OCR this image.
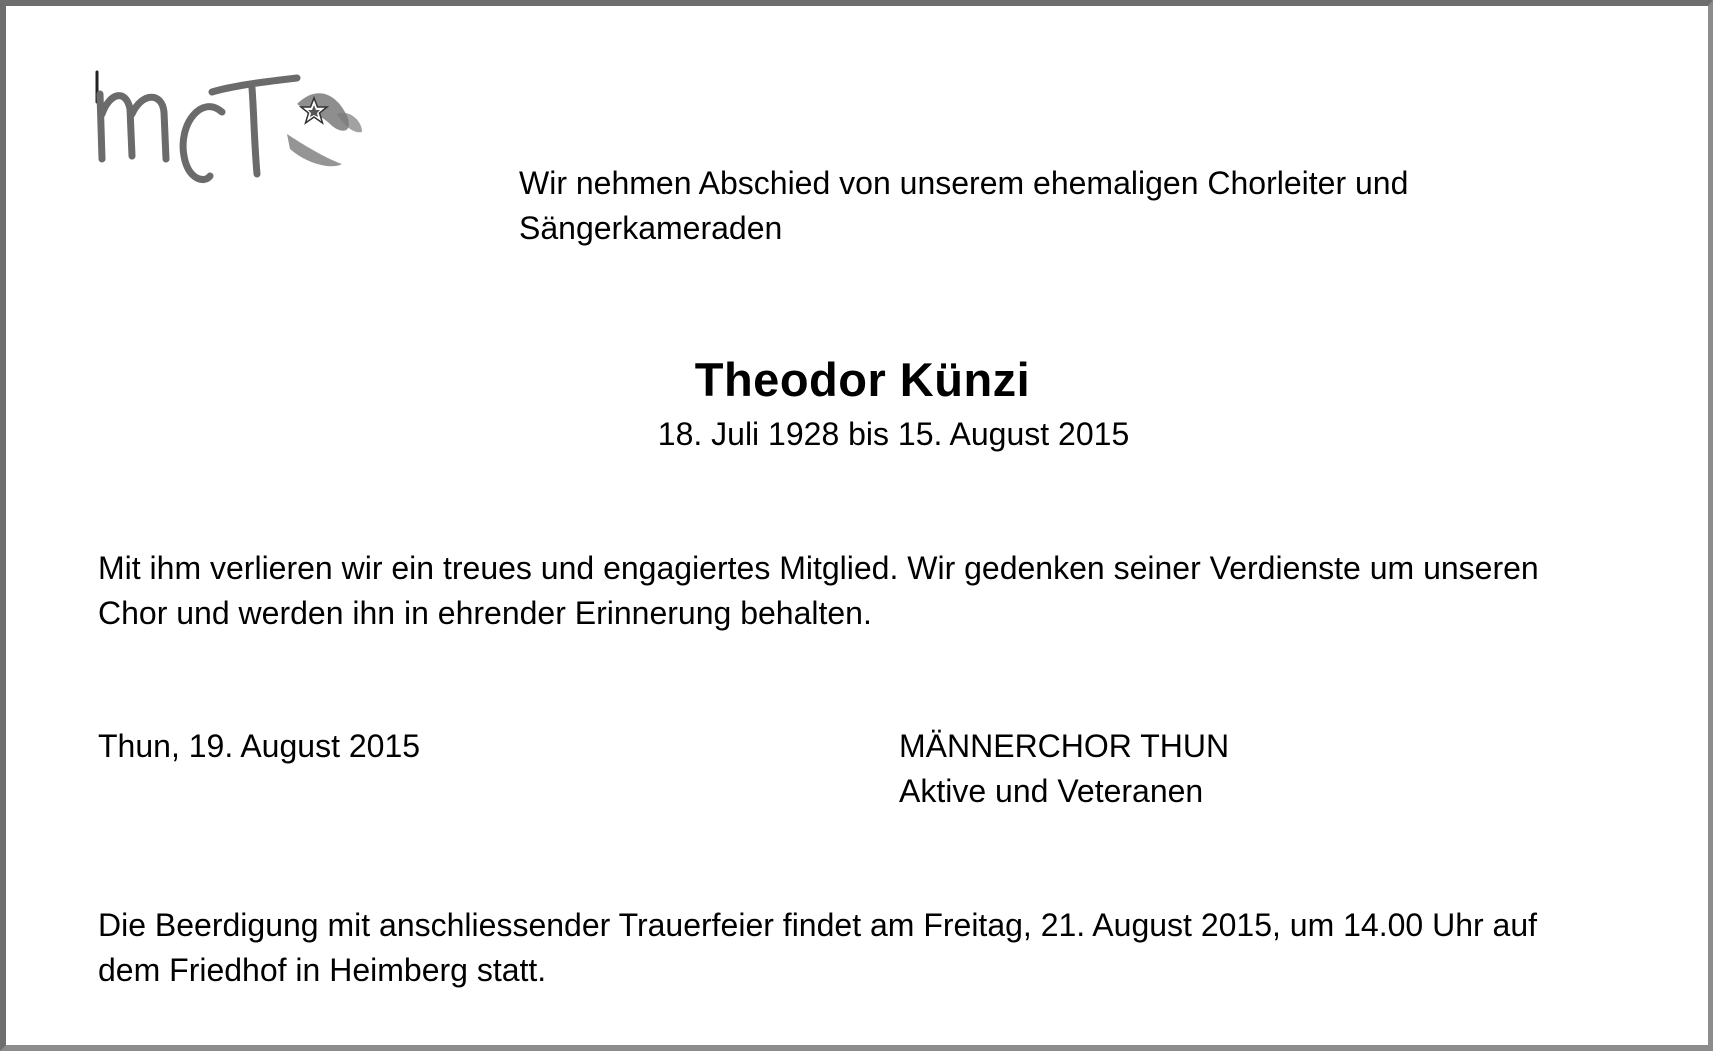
Wir nehmen Abschied von unserem ehemaligen Chorleiter und
Sängerkameraden

Theodor Künzi

18. Juli 1928 bis 15. August 2015

Mit ihm verlieren wir ein treues und engagiertes Mitglied. Wir gedenken seiner Verdienste um unseren
Chor und werden ihn in ehrender Erinnerung behalten.

Thun, 19. August 2015	MÄNNERCHOR THUN
Aktive und Veteranen

Die Beerdigung mit anschliessender Trauerfeier findet am Freitag, 21. August 2015, um 14.00 Uhr auf
dem Friedhof in Heimberg statt.
